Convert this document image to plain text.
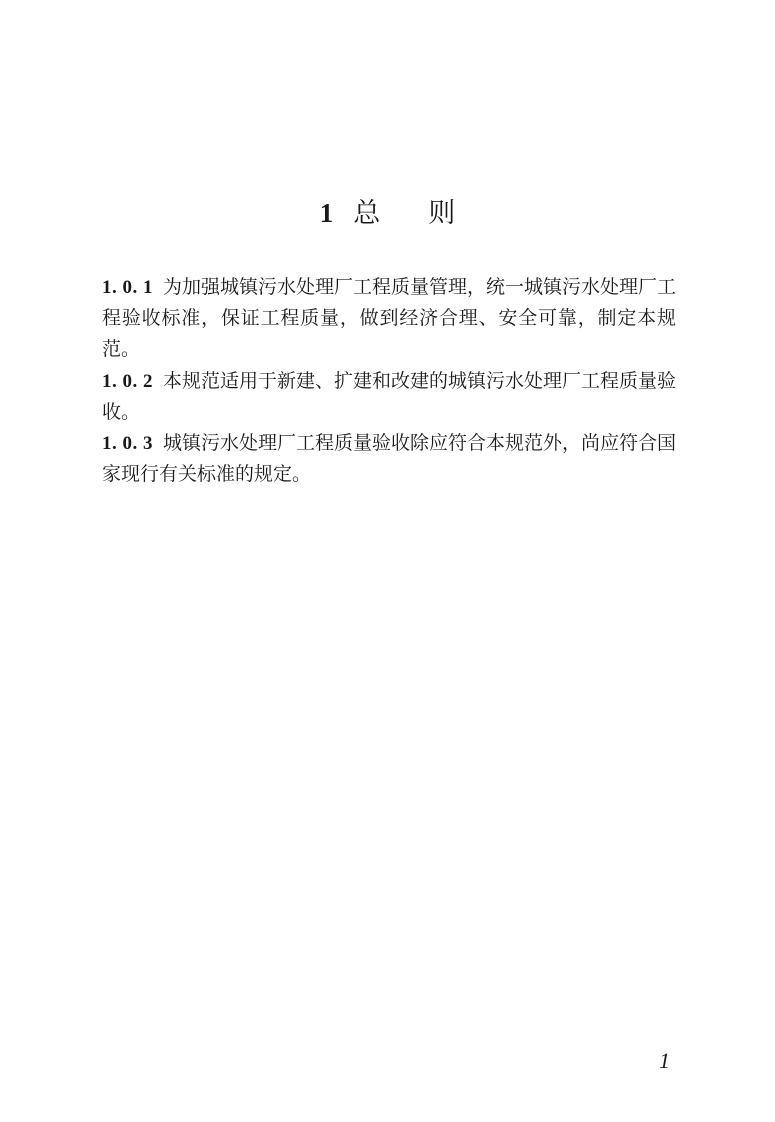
1 总 则

1. 0. 1 为加强城镇污水处理厂工程质量管理，统一城镇污水处理厂工程验收标准，保证工程质量，做到经济合理、安全可靠，制定本规范。

1. 0. 2 本规范适用于新建、扩建和改建的城镇污水处理厂工程质量验收。

1. 0. 3 城镇污水处理厂工程质量验收除应符合本规范外，尚应符合国家现行有关标准的规定。

1
